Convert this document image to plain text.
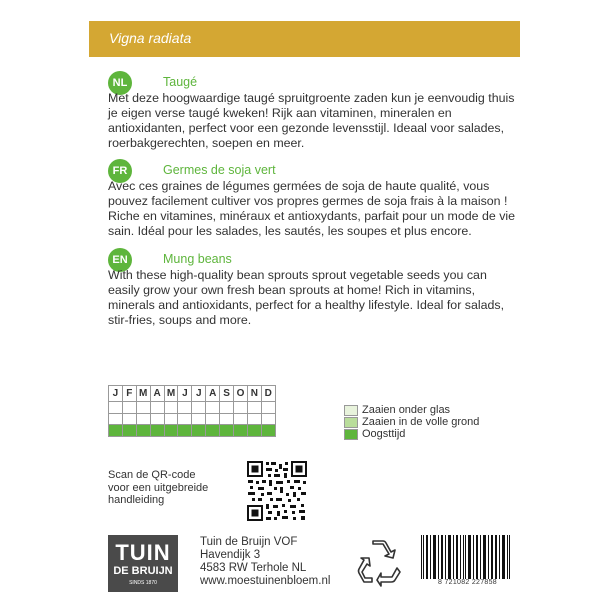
Vigna radiata
NL	Taugé
Met deze hoogwaardige taugé spruitgroente zaden kun je eenvoudig thuis je eigen verse taugé kweken! Rijk aan vitaminen, mineralen en antioxidanten, perfect voor een gezonde levensstijl. Ideaal voor salades, roerbakgerechten, soepen en meer.
FR	Germes de soja vert
Avec ces graines de légumes germées de soja de haute qualité, vous pouvez facilement cultiver vos propres germes de soja frais à la maison ! Riche en vitamines, minéraux et antioxydants, parfait pour un mode de vie sain. Idéal pour les salades, les sautés, les soupes et plus encore.
EN	Mung beans
With these high-quality bean sprouts sprout vegetable seeds you can easily grow your own fresh bean sprouts at home! Rich in vitamins, minerals and antioxidants, perfect for a healthy lifestyle. Ideal for salads, stir-fries, soups and more.
J	F	M	A	M	J	J	A	S	O	N	D

Zaaien onder glas
Zaaien in de volle grond
Oogsttijd
Scan de QR-code
voor een uitgebreide
handleiding
TUIN
DE BRUIJN
SINDS 1870
Tuin de Bruijn VOF
Havendijk 3
4583 RW Terhole NL
www.moestuinenbloem.nl	8 721082 227858
